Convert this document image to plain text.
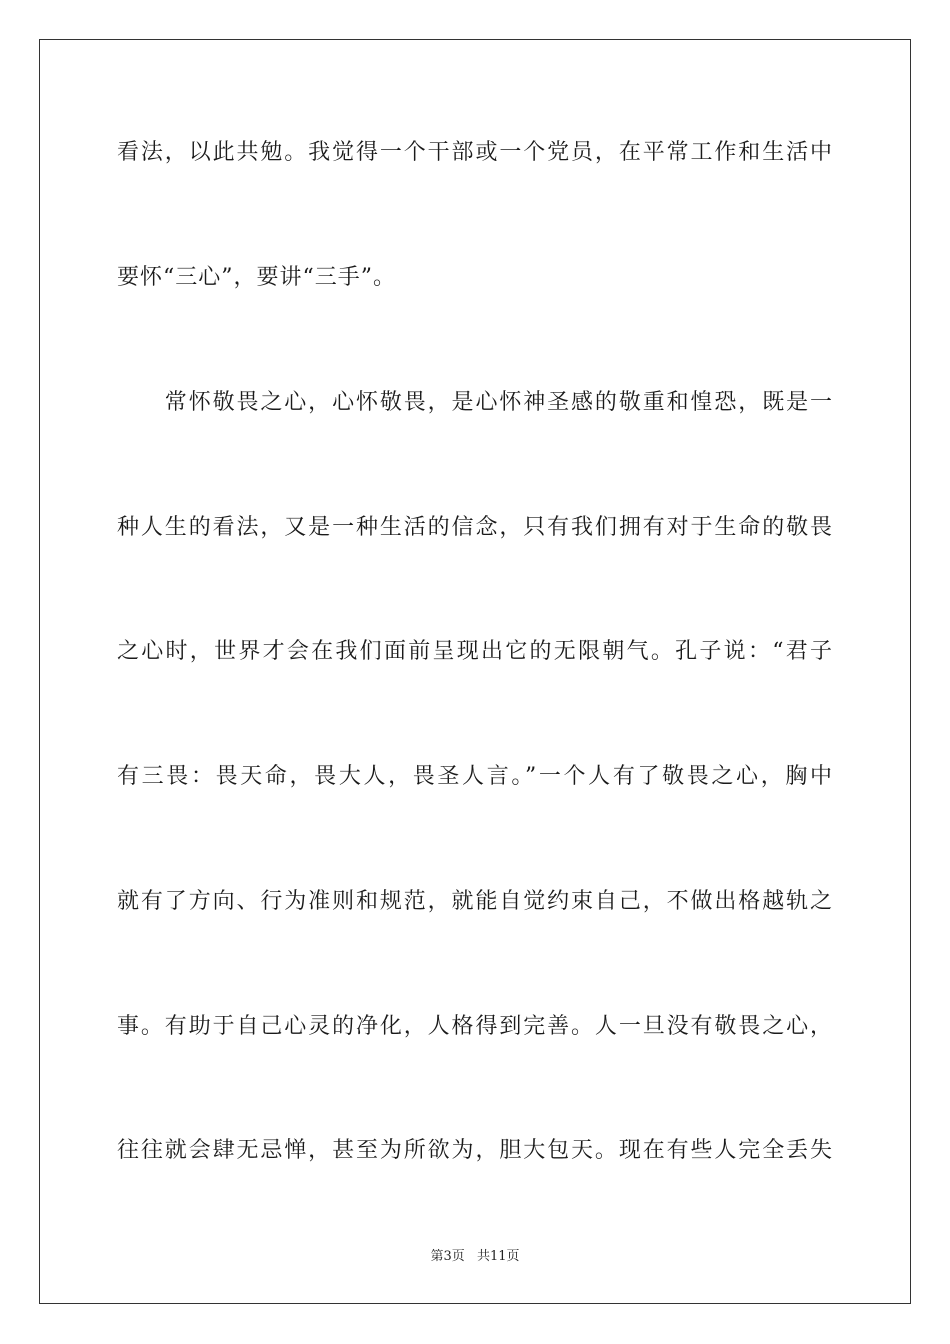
看法，以此共勉。我觉得一个干部或一个党员，在平常工作和生活中
要怀“三心”，要讲“三手”。
　　常怀敬畏之心，心怀敬畏，是心怀神圣感的敬重和惶恐，既是一
种人生的看法，又是一种生活的信念，只有我们拥有对于生命的敬畏
之心时，世界才会在我们面前呈现出它的无限朝气。孔子说：“君子
有三畏：畏天命，畏大人，畏圣人言。”一个人有了敬畏之心，胸中
就有了方向、行为准则和规范，就能自觉约束自己，不做出格越轨之
事。有助于自己心灵的净化，人格得到完善。人一旦没有敬畏之心，
往往就会肆无忌惮，甚至为所欲为，胆大包天。现在有些人完全丢失
第3页 共11页
